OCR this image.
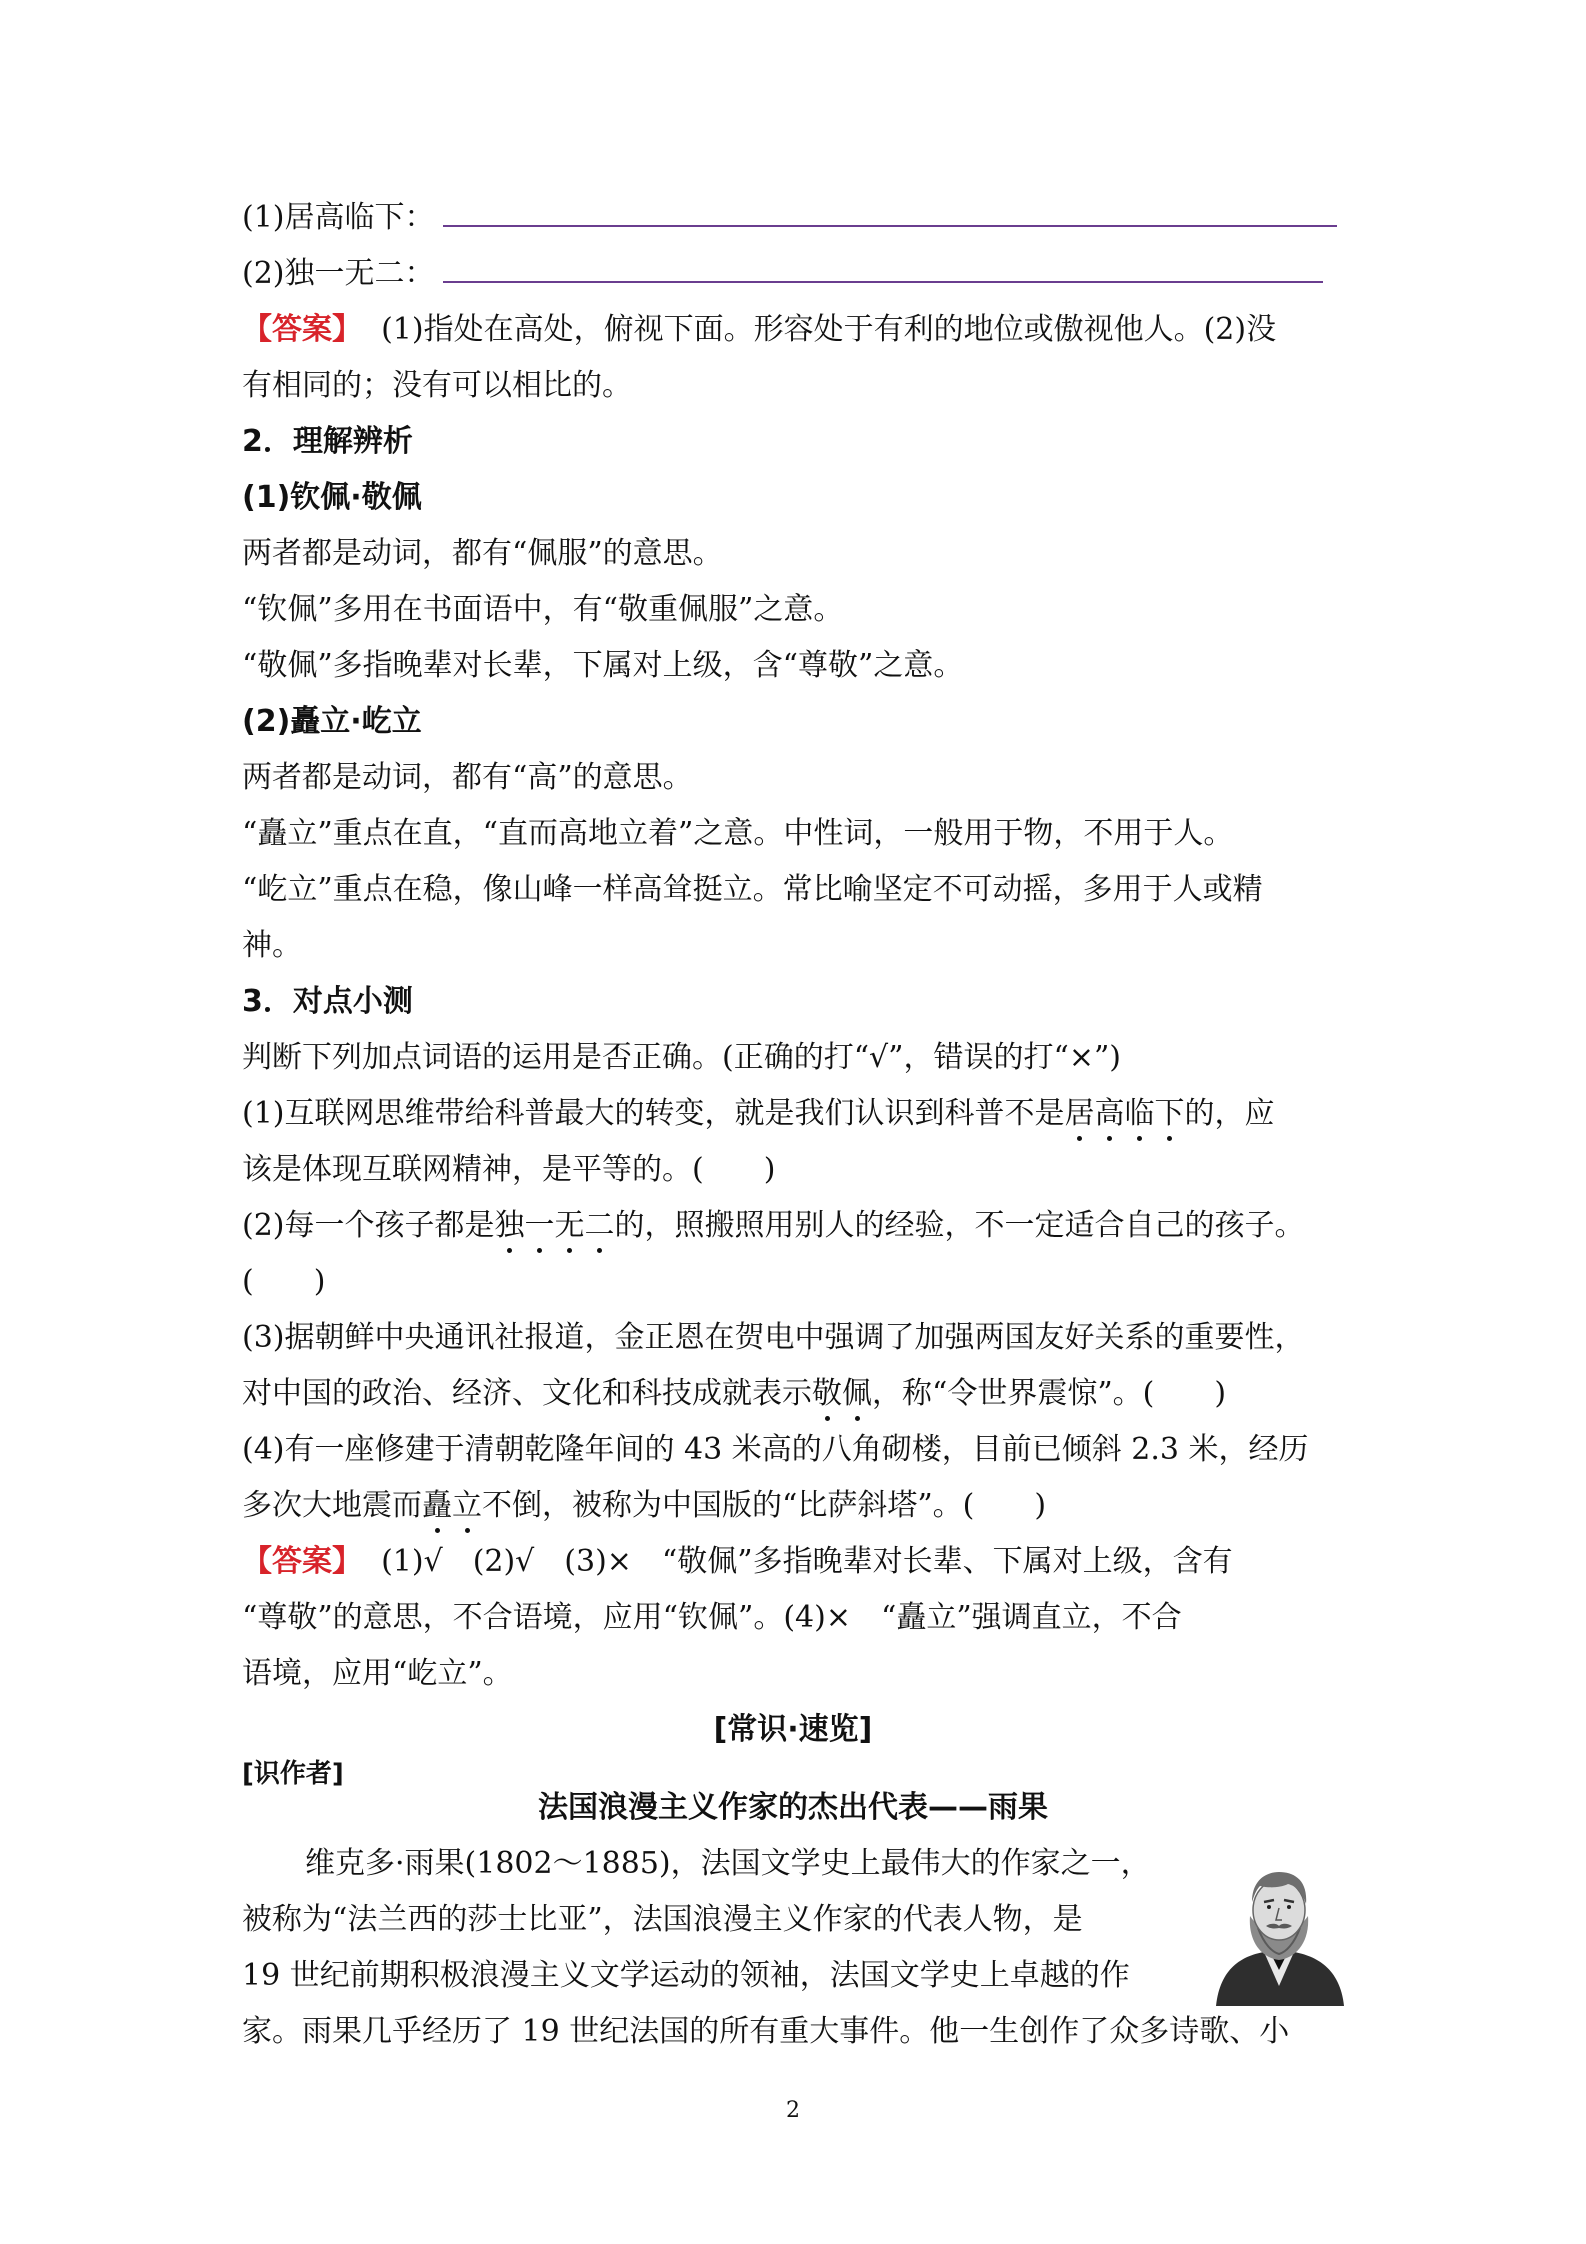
(1)居高临下：
(2)独一无二：
【答案】 (1)指处在高处，俯视下面。形容处于有利的地位或傲视他人。(2)没
有相同的；没有可以相比的。
2．理解辨析
(1)钦佩·敬佩
两者都是动词，都有“佩服”的意思。
“钦佩”多用在书面语中，有“敬重佩服”之意。
“敬佩”多指晚辈对长辈，下属对上级，含“尊敬”之意。
(2)矗立·屹立
两者都是动词，都有“高”的意思。
“矗立”重点在直，“直而高地立着”之意。中性词，一般用于物，不用于人。
“屹立”重点在稳，像山峰一样高耸挺立。常比喻坚定不可动摇，多用于人或精
神。
3．对点小测
判断下列加点词语的运用是否正确。(正确的打“√”，错误的打“×”)
(1)互联网思维带给科普最大的转变，就是我们认识到科普不是居高临下的，应
该是体现互联网精神，是平等的。(　　)
(2)每一个孩子都是独一无二的，照搬照用别人的经验，不一定适合自己的孩子。
(　　)
(3)据朝鲜中央通讯社报道，金正恩在贺电中强调了加强两国友好关系的重要性，
对中国的政治、经济、文化和科技成就表示敬佩，称“令世界震惊”。(　　)
(4)有一座修建于清朝乾隆年间的 43 米高的八角砌楼，目前已倾斜 2.3 米，经历
多次大地震而矗立不倒，被称为中国版的“比萨斜塔”。(　　)
【答案】 (1)√　(2)√　(3)×　“敬佩”多指晚辈对长辈、下属对上级，含有
“尊敬”的意思，不合语境，应用“钦佩”。(4)×　“矗立”强调直立，不合
语境，应用“屹立”。
[常识·速览]
[识作者]
法国浪漫主义作家的杰出代表——雨果
维克多·雨果(1802～1885)，法国文学史上最伟大的作家之一，
被称为“法兰西的莎士比亚”，法国浪漫主义作家的代表人物，是
19 世纪前期积极浪漫主义文学运动的领袖，法国文学史上卓越的作
家。雨果几乎经历了 19 世纪法国的所有重大事件。他一生创作了众多诗歌、小
2
